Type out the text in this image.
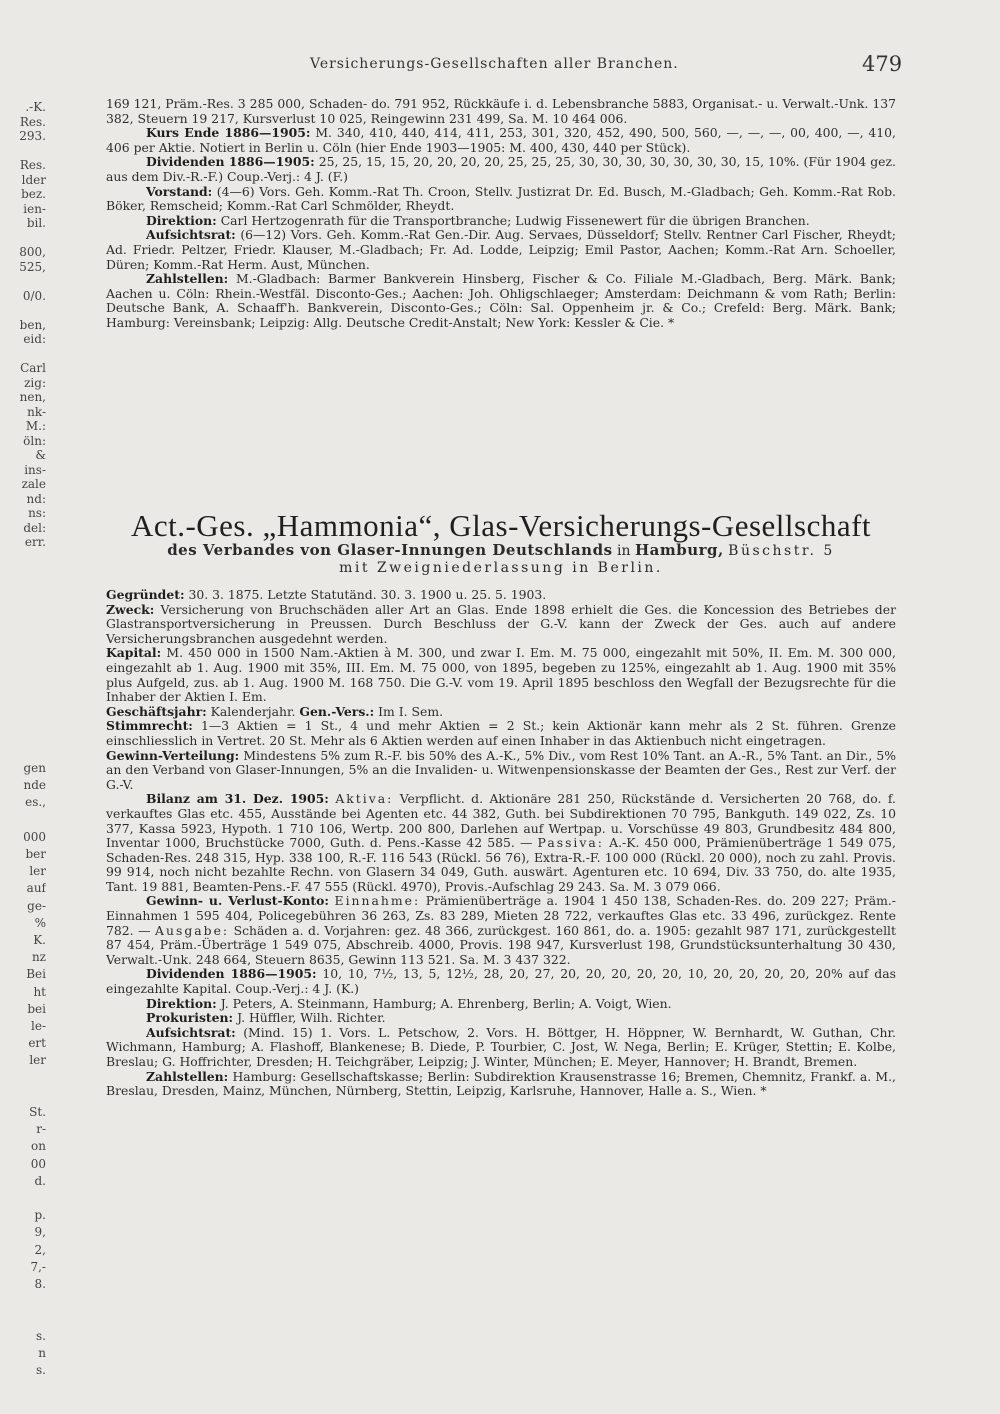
Versicherungs-Gesellschaften aller Branchen.	479
.-K.
Res.
293.

Res.
lder
bez.
ien-
bil.

800,
525,

0/0.

ben,
eid:

Carl
zig:
nen,
nk-
M.:
öln:
&
ins-
zale
nd:
ns:
del:
err.
gen
nde
es.,

000
ber
ler
auf
ge-
%
K.
nz
Bei
ht
bei
le-
ert
ler

St.
r-
on
00
d.

p.
9,
2,
7,-
8.

s.
n
s.

169 121, Präm.-Res. 3 285 000, Schaden- do. 791 952, Rückkäufe i. d. Lebensbranche 5883, Organisat.- u. Verwalt.-Unk. 137 382, Steuern 19 217, Kursverlust 10 025, Reingewinn 231 499, Sa. M. 10 464 006.

Kurs Ende 1886—1905: M. 340, 410, 440, 414, 411, 253, 301, 320, 452, 490, 500, 560, —, —, —, 00, 400, —, 410, 406 per Aktie. Notiert in Berlin u. Cöln (hier Ende 1903—1905: M. 400, 430, 440 per Stück).

Dividenden 1886—1905: 25, 25, 15, 15, 20, 20, 20, 20, 25, 25, 25, 30, 30, 30, 30, 30, 30, 30, 15, 10%. (Für 1904 gez. aus dem Div.-R.-F.) Coup.-Verj.: 4 J. (F.)

Vorstand: (4—6) Vors. Geh. Komm.-Rat Th. Croon, Stellv. Justizrat Dr. Ed. Busch, M.-Gladbach; Geh. Komm.-Rat Rob. Böker, Remscheid; Komm.-Rat Carl Schmölder, Rheydt.

Direktion: Carl Hertzogenrath für die Transportbranche; Ludwig Fissenewert für die übrigen Branchen.

Aufsichtsrat: (6—12) Vors. Geh. Komm.-Rat Gen.-Dir. Aug. Servaes, Düsseldorf; Stellv. Rentner Carl Fischer, Rheydt; Ad. Friedr. Peltzer, Friedr. Klauser, M.-Gladbach; Fr. Ad. Lodde, Leipzig; Emil Pastor, Aachen; Komm.-Rat Arn. Schoeller, Düren; Komm.-Rat Herm. Aust, München.

Zahlstellen: M.-Gladbach: Barmer Bankverein Hinsberg, Fischer & Co. Filiale M.-Gladbach, Berg. Märk. Bank; Aachen u. Cöln: Rhein.-Westfäl. Disconto-Ges.; Aachen: Joh. Ohligschlaeger; Amsterdam: Deichmann & vom Rath; Berlin: Deutsche Bank, A. Schaaff'h. Bankverein, Disconto-Ges.; Cöln: Sal. Oppenheim jr. & Co.; Crefeld: Berg. Märk. Bank; Hamburg: Vereinsbank; Leipzig: Allg. Deutsche Credit-Anstalt; New York: Kessler & Cie. *

Act.-Ges. „Hammonia“, Glas-Versicherungs-Gesellschaft
des Verbandes von Glaser-Innungen Deutschlands in Hamburg, Büschstr. 5
mit Zweigniederlassung in Berlin.

Gegründet: 30. 3. 1875. Letzte Statutänd. 30. 3. 1900 u. 25. 5. 1903.

Zweck: Versicherung von Bruchschäden aller Art an Glas. Ende 1898 erhielt die Ges. die Koncession des Betriebes der Glastransportversicherung in Preussen. Durch Beschluss der G.-V. kann der Zweck der Ges. auch auf andere Versicherungsbranchen ausgedehnt werden.

Kapital: M. 450 000 in 1500 Nam.-Aktien à M. 300, und zwar I. Em. M. 75 000, eingezahlt mit 50%, II. Em. M. 300 000, eingezahlt ab 1. Aug. 1900 mit 35%, III. Em. M. 75 000, von 1895, begeben zu 125%, eingezahlt ab 1. Aug. 1900 mit 35% plus Aufgeld, zus. ab 1. Aug. 1900 M. 168 750. Die G.-V. vom 19. April 1895 beschloss den Wegfall der Bezugsrechte für die Inhaber der Aktien I. Em.

Geschäftsjahr: Kalenderjahr. Gen.-Vers.: Im I. Sem.

Stimmrecht: 1—3 Aktien = 1 St., 4 und mehr Aktien = 2 St.; kein Aktionär kann mehr als 2 St. führen. Grenze einschliesslich in Vertret. 20 St. Mehr als 6 Aktien werden auf einen Inhaber in das Aktienbuch nicht eingetragen.

Gewinn-Verteilung: Mindestens 5% zum R.-F. bis 50% des A.-K., 5% Div., vom Rest 10% Tant. an A.-R., 5% Tant. an Dir., 5% an den Verband von Glaser-Innungen, 5% an die Invaliden- u. Witwenpensionskasse der Beamten der Ges., Rest zur Verf. der G.-V.

Bilanz am 31. Dez. 1905: Aktiva: Verpflicht. d. Aktionäre 281 250, Rückstände d. Versicherten 20 768, do. f. verkauftes Glas etc. 455, Ausstände bei Agenten etc. 44 382, Guth. bei Subdirektionen 70 795, Bankguth. 149 022, Zs. 10 377, Kassa 5923, Hypoth. 1 710 106, Wertp. 200 800, Darlehen auf Wertpap. u. Vorschüsse 49 803, Grundbesitz 484 800, Inventar 1000, Bruchstücke 7000, Guth. d. Pens.-Kasse 42 585. — Passiva: A.-K. 450 000, Prämienüberträge 1 549 075, Schaden-Res. 248 315, Hyp. 338 100, R.-F. 116 543 (Rückl. 56 76), Extra-R.-F. 100 000 (Rückl. 20 000), noch zu zahl. Provis. 99 914, noch nicht bezahlte Rechn. von Glasern 34 049, Guth. auswärt. Agenturen etc. 10 694, Div. 33 750, do. alte 1935, Tant. 19 881, Beamten-Pens.-F. 47 555 (Rückl. 4970), Provis.-Aufschlag 29 243. Sa. M. 3 079 066.

Gewinn- u. Verlust-Konto: Einnahme: Prämienüberträge a. 1904 1 450 138, Schaden-Res. do. 209 227; Präm.-Einnahmen 1 595 404, Policegebühren 36 263, Zs. 83 289, Mieten 28 722, verkauftes Glas etc. 33 496, zurückgez. Rente 782. — Ausgabe: Schäden a. d. Vorjahren: gez. 48 366, zurückgest. 160 861, do. a. 1905: gezahlt 987 171, zurückgestellt 87 454, Präm.-Überträge 1 549 075, Abschreib. 4000, Provis. 198 947, Kursverlust 198, Grundstücksunterhaltung 30 430, Verwalt.-Unk. 248 664, Steuern 8635, Gewinn 113 521. Sa. M. 3 437 322.

Dividenden 1886—1905: 10, 10, 7½, 13, 5, 12½, 28, 20, 27, 20, 20, 20, 20, 20, 10, 20, 20, 20, 20, 20% auf das eingezahlte Kapital. Coup.-Verj.: 4 J. (K.)

Direktion: J. Peters, A. Steinmann, Hamburg; A. Ehrenberg, Berlin; A. Voigt, Wien.

Prokuristen: J. Hüffler, Wilh. Richter.

Aufsichtsrat: (Mind. 15) 1. Vors. L. Petschow, 2. Vors. H. Böttger, H. Höppner, W. Bernhardt, W. Guthan, Chr. Wichmann, Hamburg; A. Flashoff, Blankenese; B. Diede, P. Tourbier, C. Jost, W. Nega, Berlin; E. Krüger, Stettin; E. Kolbe, Breslau; G. Hoffrichter, Dresden; H. Teichgräber, Leipzig; J. Winter, München; E. Meyer, Hannover; H. Brandt, Bremen.

Zahlstellen: Hamburg: Gesellschaftskasse; Berlin: Subdirektion Krausenstrasse 16; Bremen, Chemnitz, Frankf. a. M., Breslau, Dresden, Mainz, München, Nürnberg, Stettin, Leipzig, Karlsruhe, Hannover, Halle a. S., Wien. *
